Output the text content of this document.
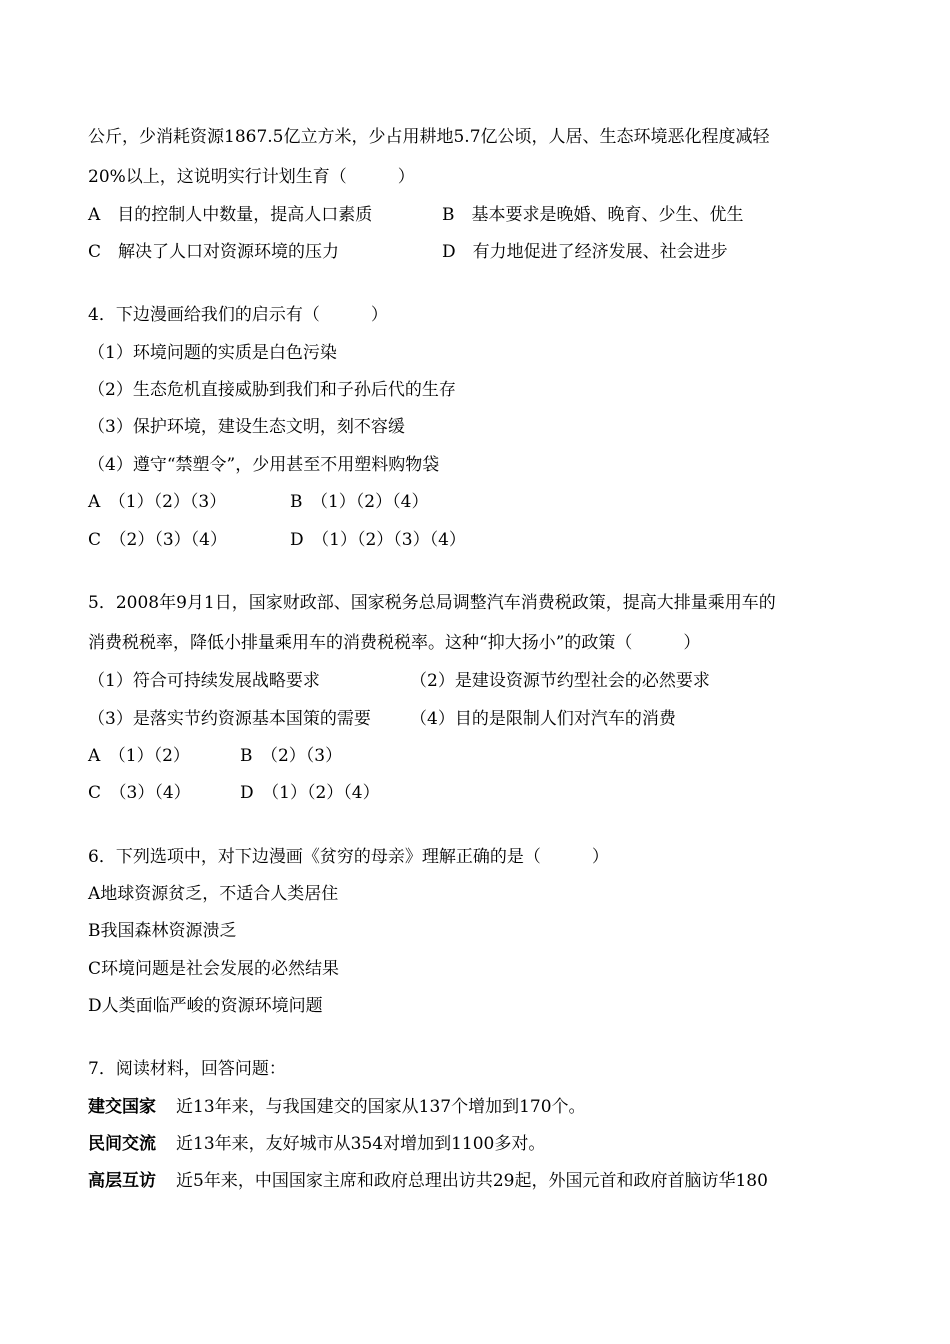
公斤，少消耗资源1867.5亿立方米，少占用耕地5.7亿公顷，人居、生态环境恶化程度减轻
20%以上，这说明实行计划生育（　　　）
A　目的控制人中数量，提高人口素质	B　基本要求是晚婚、晚育、少生、优生
C　解决了人口对资源环境的压力	D　有力地促进了经济发展、社会进步
4．下边漫画给我们的启示有（　　　）
（1）环境问题的实质是白色污染
（2）生态危机直接威胁到我们和子孙后代的生存
（3）保护环境，建设生态文明，刻不容缓
（4）遵守“禁塑令”，少用甚至不用塑料购物袋
A　（1）（2）（3）	B　（1）（2）（4）
C　（2）（3）（4）	D　（1）（2）（3）（4）
5．2008年9月1日，国家财政部、国家税务总局调整汽车消费税政策，提高大排量乘用车的
消费税税率，降低小排量乘用车的消费税税率。这种“抑大扬小”的政策（　　　）
（1）符合可持续发展战略要求	（2）是建设资源节约型社会的必然要求
（3）是落实节约资源基本国策的需要 （4）目的是限制人们对汽车的消费
A　（1）（2）	B　（2）（3）
C　（3）（4）	D　（1）（2）（4）
6．下列选项中，对下边漫画《贫穷的母亲》理解正确的是（　　　）
A地球资源贫乏，不适合人类居住
B我国森林资源溃乏
C环境问题是社会发展的必然结果
D人类面临严峻的资源环境问题
7．阅读材料，回答问题：
建交国家 近13年来，与我国建交的国家从137个增加到170个。
民间交流 近13年来，友好城市从354对增加到1100多对。
高层互访 近5年来，中国国家主席和政府总理出访共29起，外国元首和政府首脑访华180
